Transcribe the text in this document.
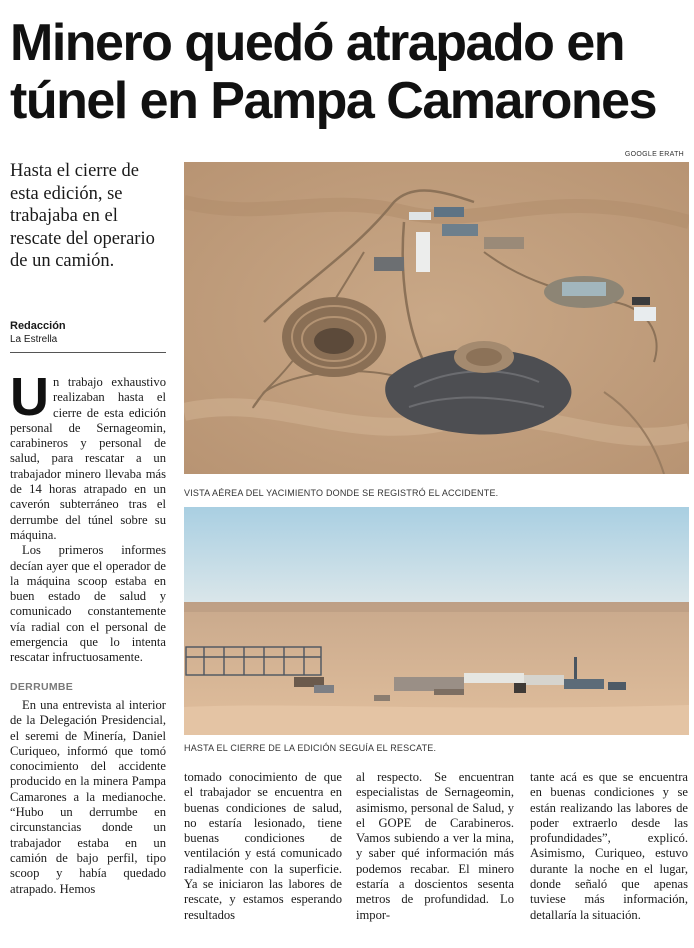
Minero quedó atrapado en
túnel en Pampa Camarones
GOOGLE ERATH
Hasta el cierre de esta edición, se trabajaba en el rescate del operario de un camión.
Redacción
La Estrella
VISTA AÉREA DEL YACIMIENTO DONDE SE REGISTRÓ EL ACCIDENTE.
HASTA EL CIERRE DE LA EDICIÓN SEGUÍA EL RESCATE.
U n trabajo exhaustivo realizaban hasta el cierre de esta edición personal de Sernageomin, carabineros y personal de salud, para rescatar a un trabajador minero llevaba más de 14 horas atrapado en un caverón subterráneo tras el derrumbe del túnel sobre su máquina.

Los primeros informes decían ayer que el operador de la máquina scoop estaba en buen estado de salud y comunicado constantemente vía radial con el personal de emergencia que lo intenta rescatar infructuosamente.

DERRUMBE

En una entrevista al interior de la Delegación Presidencial, el seremi de Minería, Daniel Curiqueo, informó que tomó conocimiento del accidente producido en la minera Pampa Camarones a la medianoche. “Hubo un derrumbe en circunstancias donde un trabajador estaba en un camión de bajo perfil, tipo scoop y había quedado atrapado. Hemos

tomado conocimiento de que el trabajador se encuentra en buenas condiciones de salud, no estaría lesionado, tiene buenas condiciones de ventilación y está comunicado radialmente con la superficie. Ya se iniciaron las labores de rescate, y estamos esperando resultados

al respecto. Se encuentran especialistas de Sernageomin, asimismo, personal de Salud, y el GOPE de Carabineros. Vamos subiendo a ver la mina, y saber qué información más podemos recabar. El minero estaría a doscientos sesenta metros de profundidad. Lo impor-

tante acá es que se encuentra en buenas condiciones y se están realizando las labores de poder extraerlo desde las profundidades”, explicó. Asimismo, Curiqueo, estuvo durante la noche en el lugar, donde señaló que apenas tuviese más información, detallaría la situación.
